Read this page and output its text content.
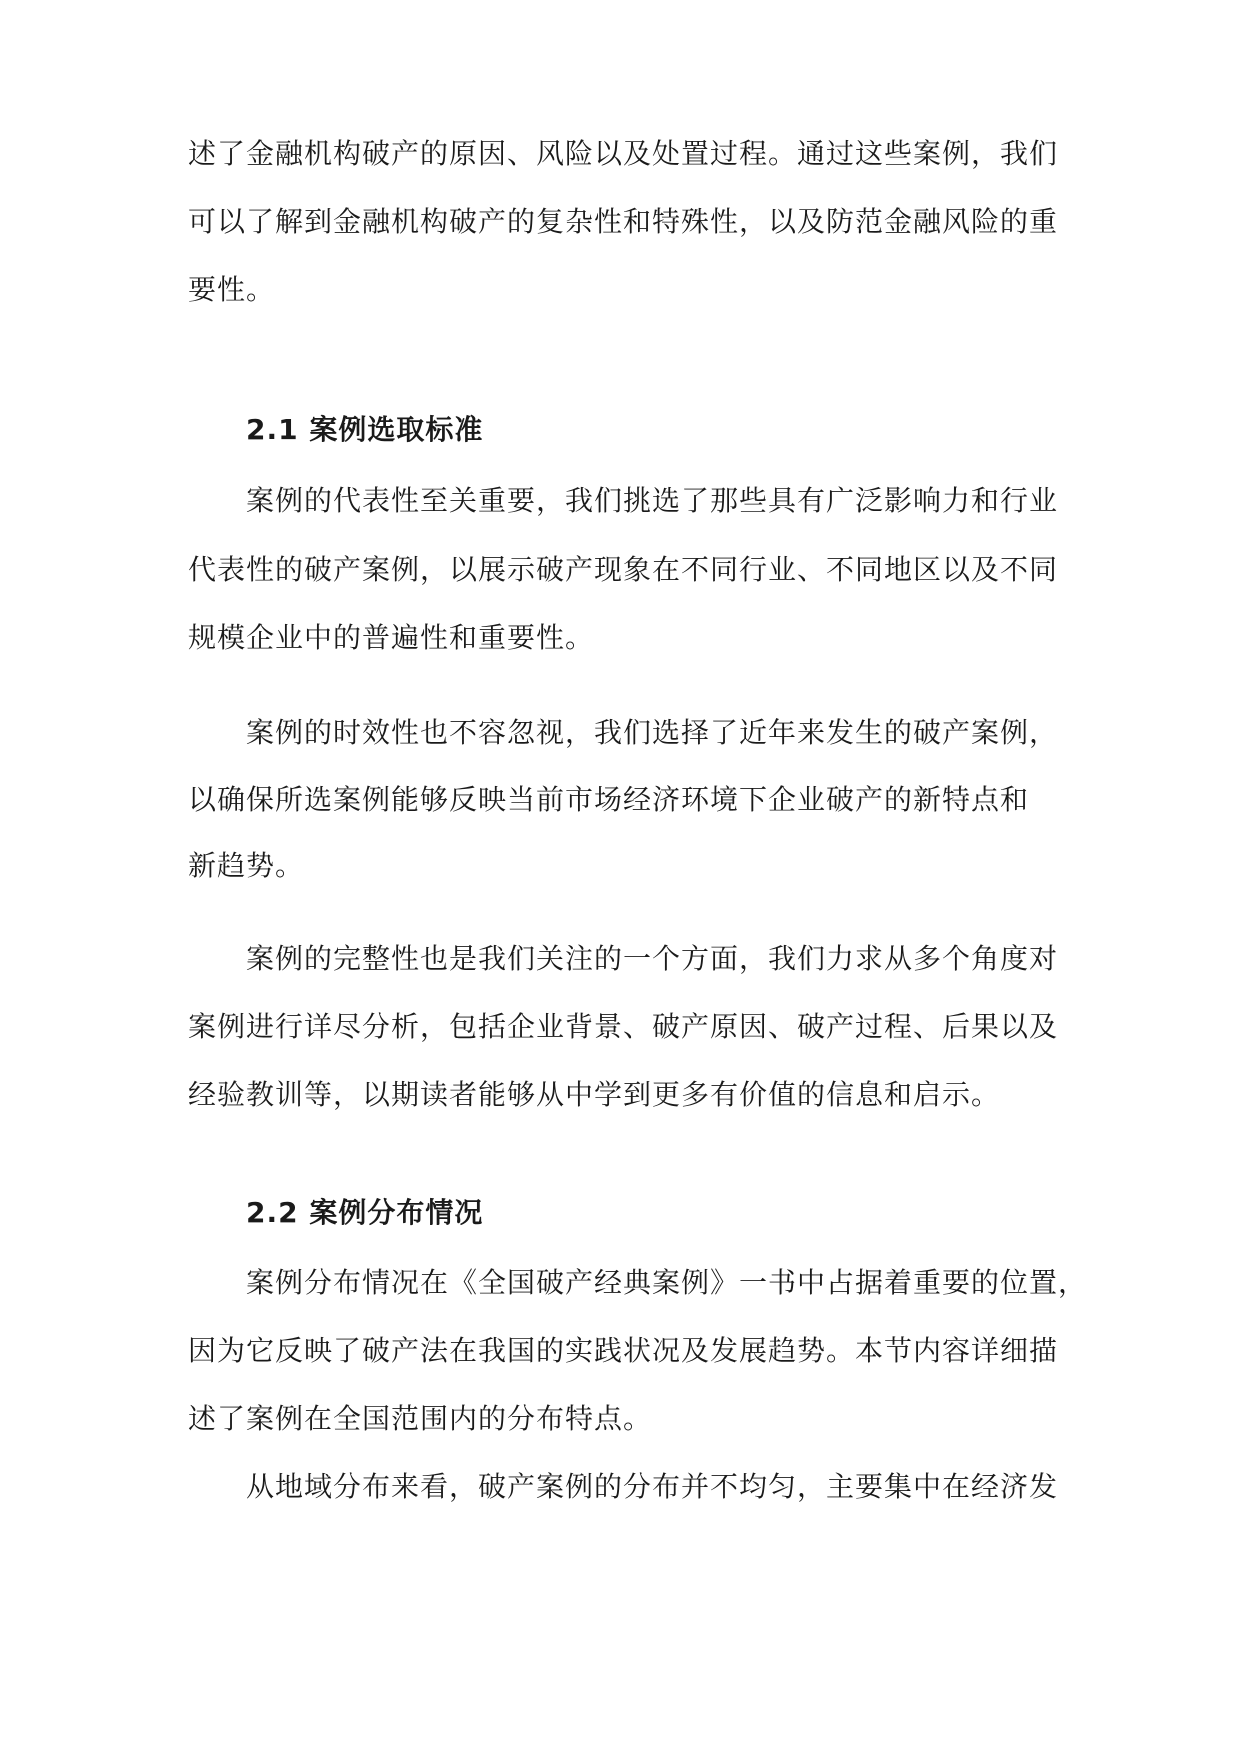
述了金融机构破产的原因、风险以及处置过程。通过这些案例，我们
可以了解到金融机构破产的复杂性和特殊性，以及防范金融风险的重
要性。
2.1 案例选取标准
案例的代表性至关重要，我们挑选了那些具有广泛影响力和行业
代表性的破产案例，以展示破产现象在不同行业、不同地区以及不同
规模企业中的普遍性和重要性。
案例的时效性也不容忽视，我们选择了近年来发生的破产案例，
以确保所选案例能够反映当前市场经济环境下企业破产的新特点和
新趋势。
案例的完整性也是我们关注的一个方面，我们力求从多个角度对
案例进行详尽分析，包括企业背景、破产原因、破产过程、后果以及
经验教训等，以期读者能够从中学到更多有价值的信息和启示。
2.2 案例分布情况
案例分布情况在《全国破产经典案例》一书中占据着重要的位置，
因为它反映了破产法在我国的实践状况及发展趋势。本节内容详细描
述了案例在全国范围内的分布特点。
从地域分布来看，破产案例的分布并不均匀，主要集中在经济发
